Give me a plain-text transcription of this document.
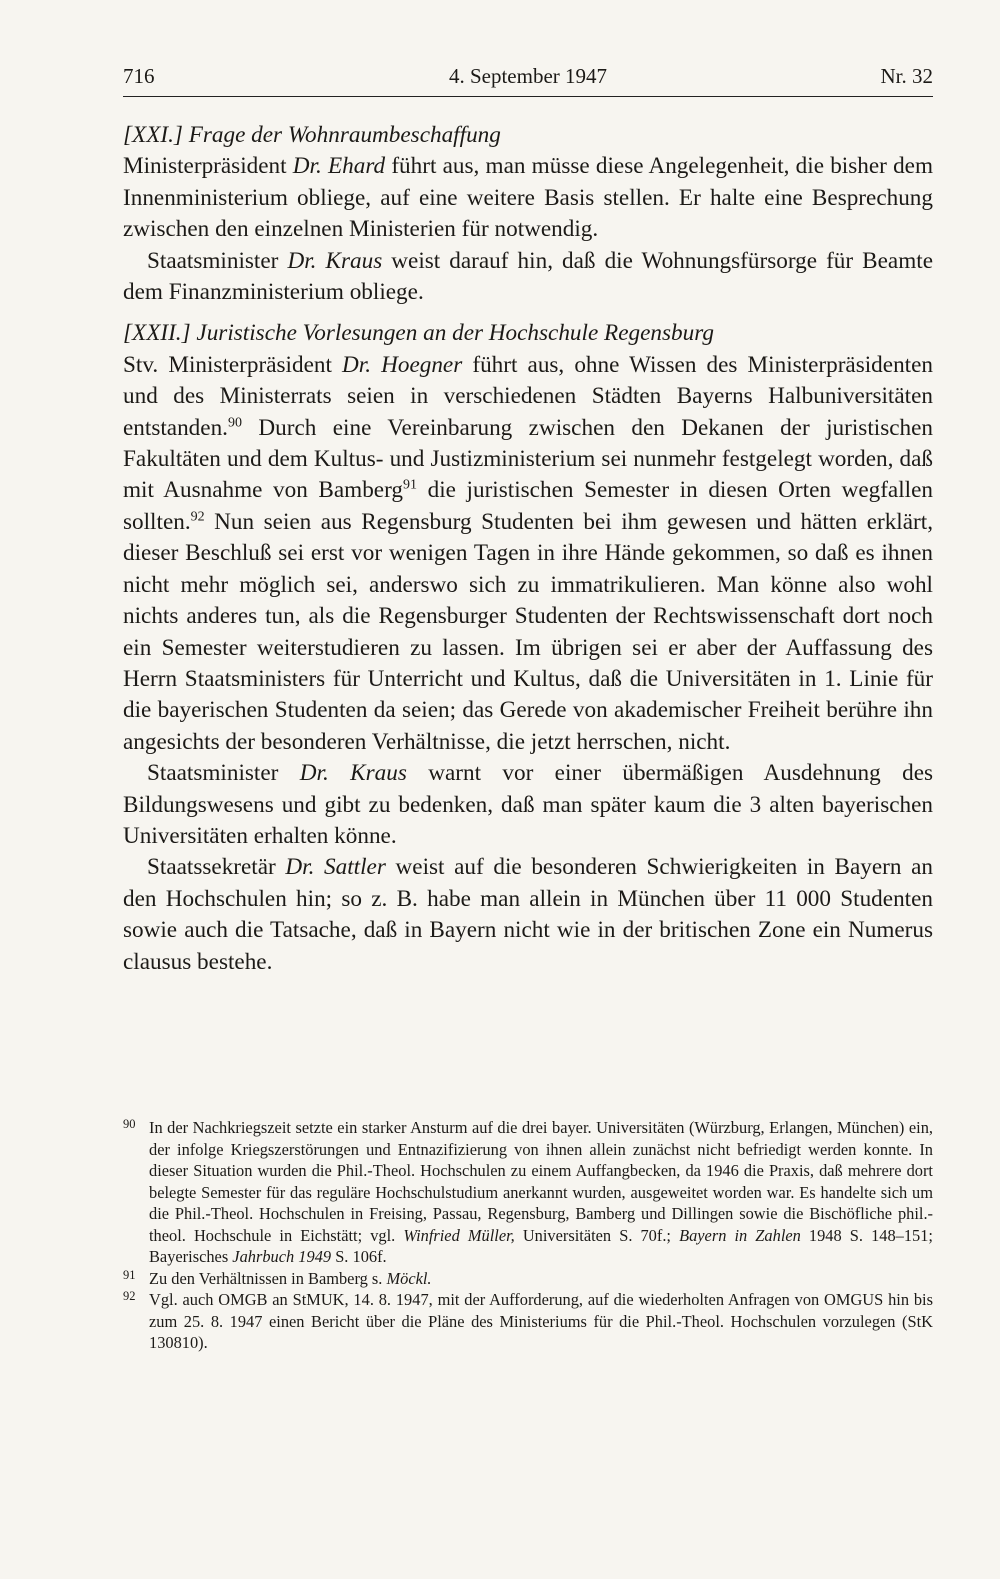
716	4. September 1947	Nr. 32

[XXI.] Frage der Wohnraumbeschaffung

Ministerpräsident Dr. Ehard führt aus, man müsse diese Angelegenheit, die bisher dem Innenministerium obliege, auf eine weitere Basis stellen. Er halte eine Besprechung zwischen den einzelnen Ministerien für notwendig.

Staatsminister Dr. Kraus weist darauf hin, daß die Wohnungsfürsorge für Beamte dem Finanzministerium obliege.

[XXII.] Juristische Vorlesungen an der Hochschule Regensburg

Stv. Ministerpräsident Dr. Hoegner führt aus, ohne Wissen des Ministerpräsidenten und des Ministerrats seien in verschiedenen Städten Bayerns Halbuniversitäten entstanden.$^{90}$ Durch eine Vereinbarung zwischen den Dekanen der juristischen Fakultäten und dem Kultus- und Justizministerium sei nunmehr festgelegt worden, daß mit Ausnahme von Bamberg$^{91}$ die juristischen Semester in diesen Orten wegfallen sollten.$^{92}$ Nun seien aus Regensburg Studenten bei ihm gewesen und hätten erklärt, dieser Beschluß sei erst vor wenigen Tagen in ihre Hände gekommen, so daß es ihnen nicht mehr möglich sei, anderswo sich zu immatrikulieren. Man könne also wohl nichts anderes tun, als die Regensburger Studenten der Rechtswissenschaft dort noch ein Semester weiterstudieren zu lassen. Im übrigen sei er aber der Auffassung des Herrn Staatsministers für Unterricht und Kultus, daß die Universitäten in 1. Linie für die bayerischen Studenten da seien; das Gerede von akademischer Freiheit berühre ihn angesichts der besonderen Verhältnisse, die jetzt herrschen, nicht.

Staatsminister Dr. Kraus warnt vor einer übermäßigen Ausdehnung des Bildungswesens und gibt zu bedenken, daß man später kaum die 3 alten bayerischen Universitäten erhalten könne.

Staatssekretär Dr. Sattler weist auf die besonderen Schwierigkeiten in Bayern an den Hochschulen hin; so z. B. habe man allein in München über 11 000 Studenten sowie auch die Tatsache, daß in Bayern nicht wie in der britischen Zone ein Numerus clausus bestehe.

90 In der Nachkriegszeit setzte ein starker Ansturm auf die drei bayer. Universitäten (Würzburg, Erlangen, München) ein, der infolge Kriegszerstörungen und Entnazifizierung von ihnen allein zunächst nicht befriedigt werden konnte. In dieser Situation wurden die Phil.-Theol. Hochschulen zu einem Auffangbecken, da 1946 die Praxis, daß mehrere dort belegte Semester für das reguläre Hochschulstudium anerkannt wurden, ausgeweitet worden war. Es handelte sich um die Phil.-Theol. Hochschulen in Freising, Passau, Regensburg, Bamberg und Dillingen sowie die Bischöfliche phil.-theol. Hochschule in Eichstätt; vgl. Winfried Müller, Universitäten S. 70f.; Bayern in Zahlen 1948 S. 148–151; Bayerisches Jahrbuch 1949 S. 106f.

91 Zu den Verhältnissen in Bamberg s. Möckl.

92 Vgl. auch OMGB an StMUK, 14. 8. 1947, mit der Aufforderung, auf die wiederholten Anfragen von OMGUS hin bis zum 25. 8. 1947 einen Bericht über die Pläne des Ministeriums für die Phil.-Theol. Hochschulen vorzulegen (StK 130810).
